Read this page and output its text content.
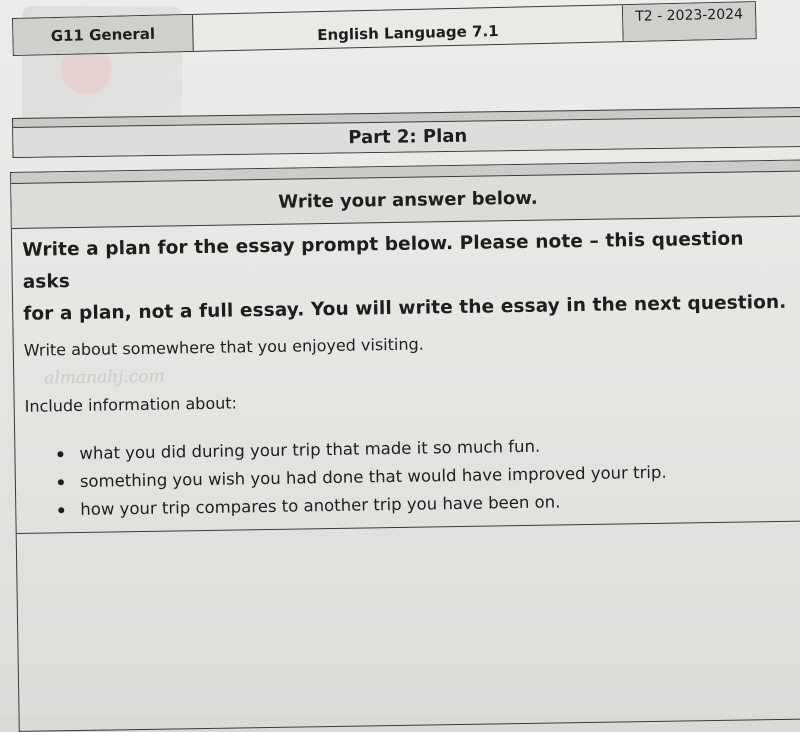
G11 General	English Language 7.1
T2 - 2023-2024
Part 2: Plan
Write your answer below.
almanahj.com
Write a plan for the essay prompt below. Please note – this question asks
for a plan, not a full essay. You will write the essay in the next question.
Write about somewhere that you enjoyed visiting.
Include information about:
what you did during your trip that made it so much fun.
something you wish you had done that would have improved your trip.
how your trip compares to another trip you have been on.
